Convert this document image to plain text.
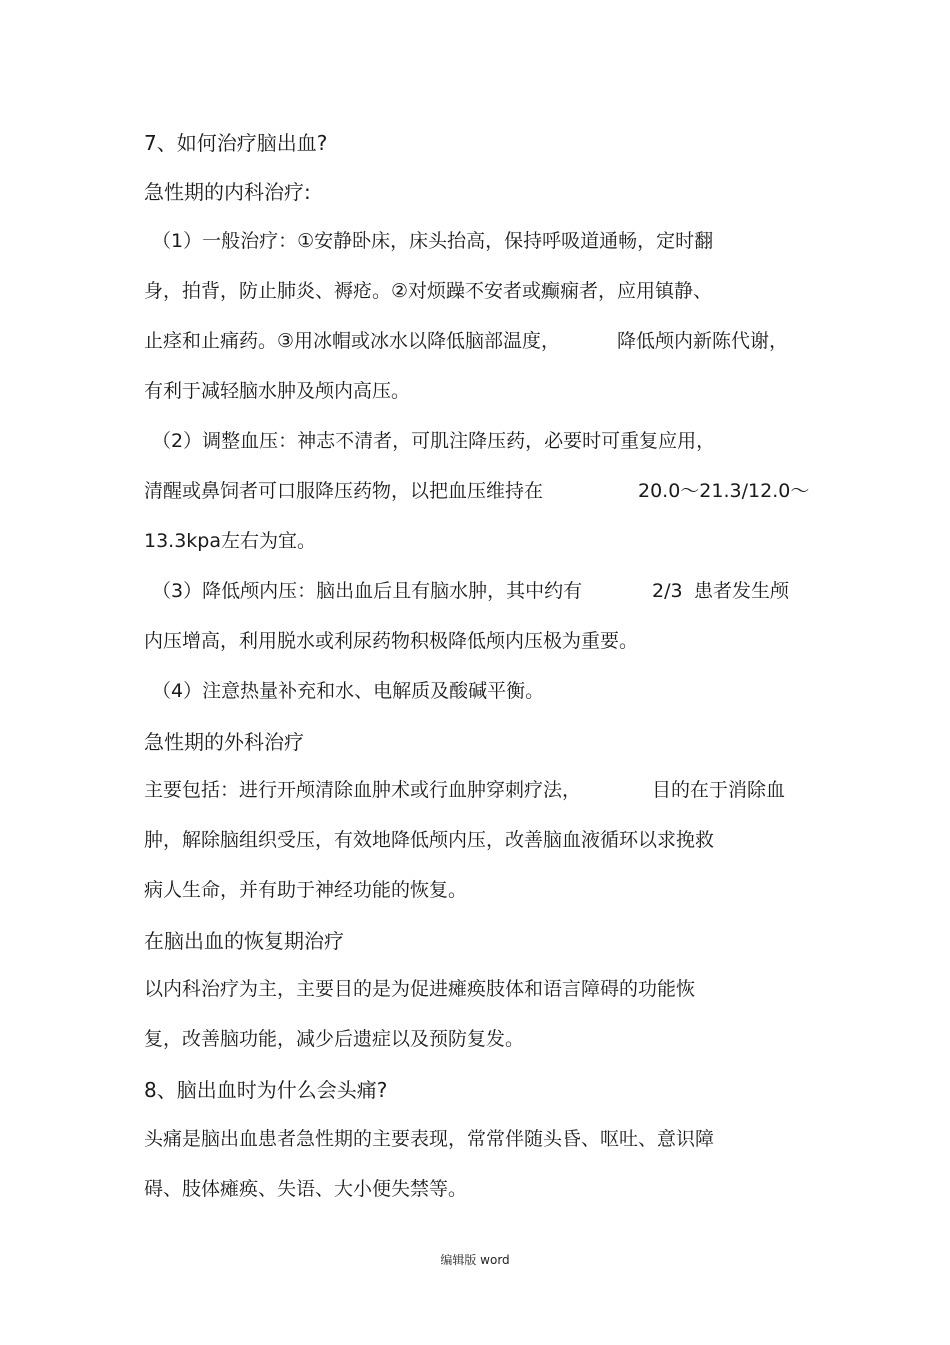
7、如何治疗脑出血?

急性期的内科治疗:

（1）一般治疗：①安静卧床，床头抬高，保持呼吸道通畅，定时翻

身，拍背，防止肺炎、褥疮。②对烦躁不安者或癫痫者，应用镇静、

止痉和止痛药。③用冰帽或冰水以降低脑部温度，	降低颅内新陈代谢，

有利于减轻脑水肿及颅内高压。

（2）调整血压：神志不清者，可肌注降压药，必要时可重复应用，

清醒或鼻饲者可口服降压药物，以把血压维持在	20.0～21.3/12.0～

13.3kpa左右为宜。

（3）降低颅内压：脑出血后且有脑水肿，其中约有	2/3 患者发生颅

内压增高，利用脱水或利尿药物积极降低颅内压极为重要。

（4）注意热量补充和水、电解质及酸碱平衡。

急性期的外科治疗

主要包括：进行开颅清除血肿术或行血肿穿刺疗法，	目的在于消除血

肿，解除脑组织受压，有效地降低颅内压，改善脑血液循环以求挽救

病人生命，并有助于神经功能的恢复。

在脑出血的恢复期治疗

以内科治疗为主，主要目的是为促进瘫痪肢体和语言障碍的功能恢

复，改善脑功能，减少后遗症以及预防复发。

8、脑出血时为什么会头痛?

头痛是脑出血患者急性期的主要表现，常常伴随头昏、呕吐、意识障

碍、肢体瘫痪、失语、大小便失禁等。

编辑版 word
